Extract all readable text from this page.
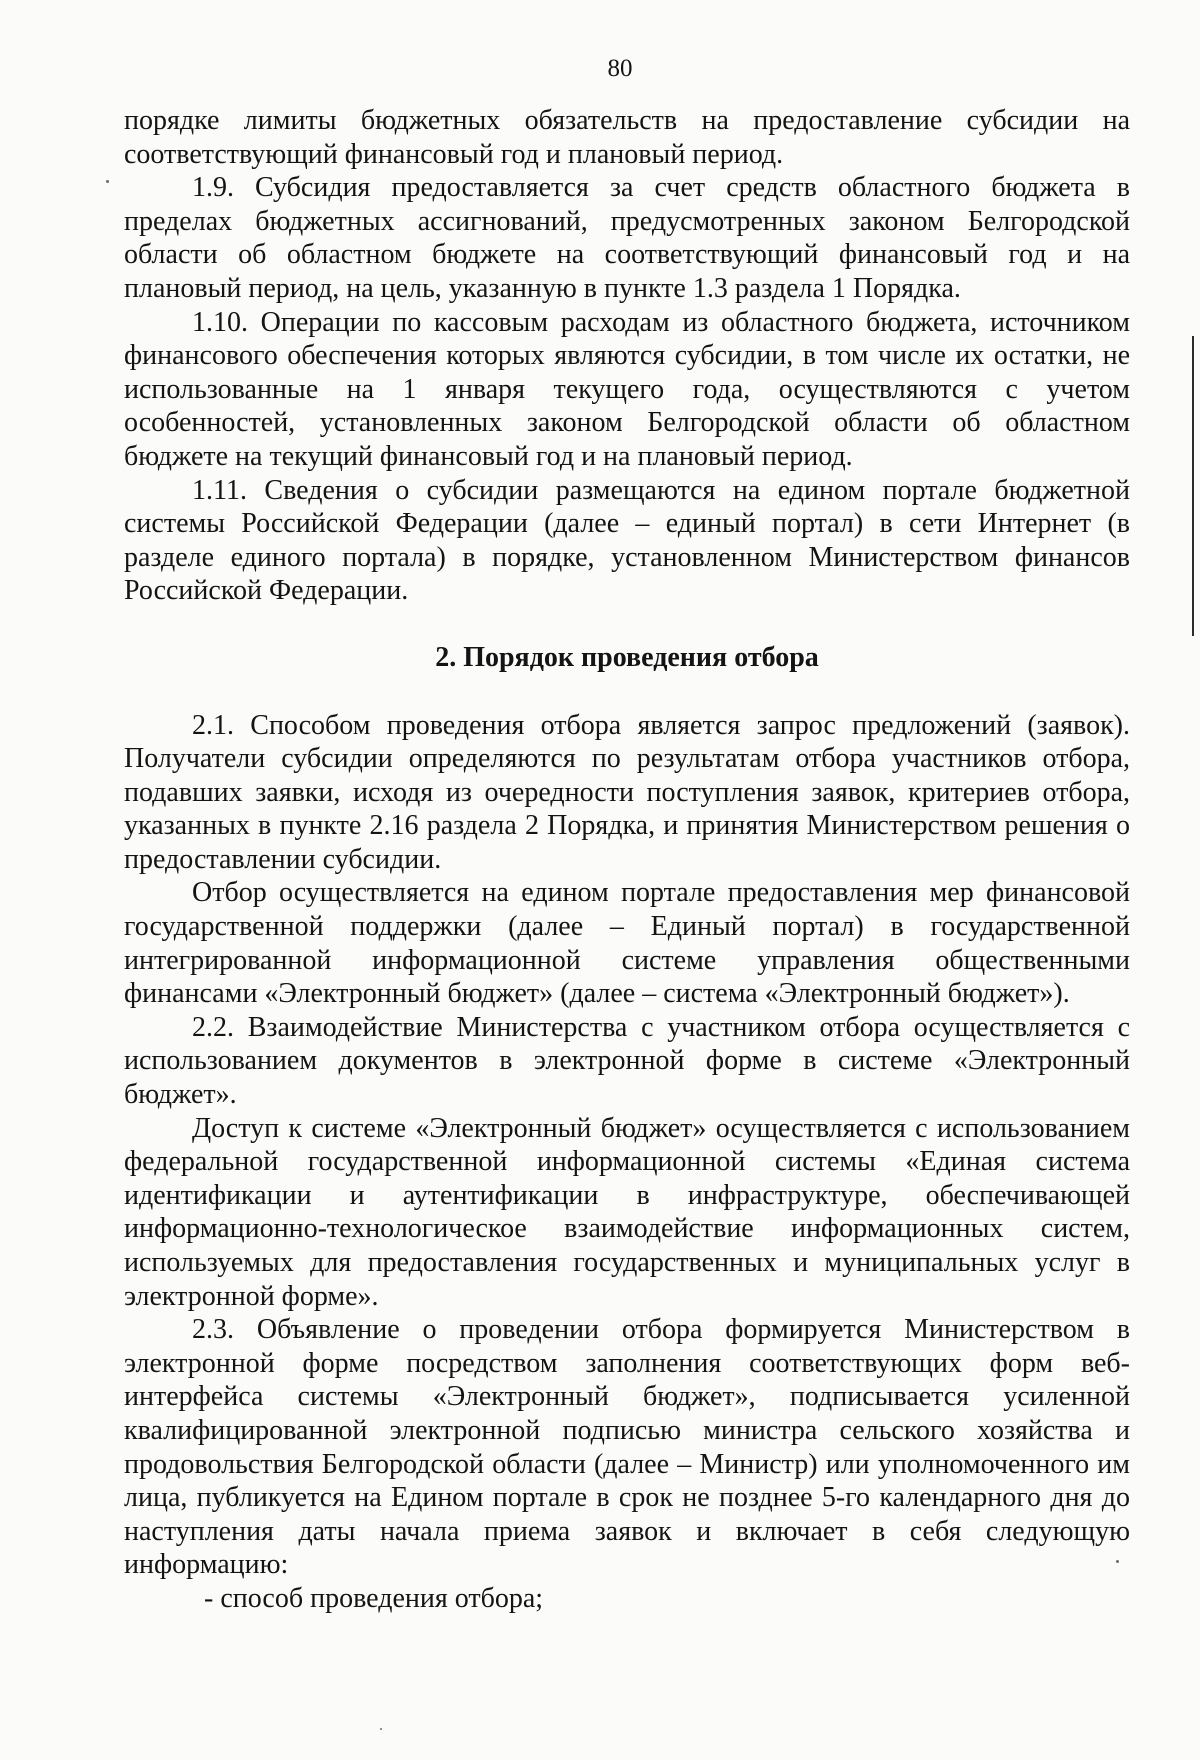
80

порядке лимиты бюджетных обязательств на предоставление субсидии на соответствующий финансовый год и плановый период.

1.9. Субсидия предоставляется за счет средств областного бюджета в пределах бюджетных ассигнований, предусмотренных законом Белгородской области об областном бюджете на соответствующий финансовый год и на плановый период, на цель, указанную в пункте 1.3 раздела 1 Порядка.

1.10. Операции по кассовым расходам из областного бюджета, источником финансового обеспечения которых являются субсидии, в том числе их остатки, не использованные на 1 января текущего года, осуществляются с учетом особенностей, установленных законом Белгородской области об областном бюджете на текущий финансовый год и на плановый период.

1.11. Сведения о субсидии размещаются на едином портале бюджетной системы Российской Федерации (далее – единый портал) в сети Интернет (в разделе единого портала) в порядке, установленном Министерством финансов Российской Федерации.

2. Порядок проведения отбора

2.1. Способом проведения отбора является запрос предложений (заявок). Получатели субсидии определяются по результатам отбора участников отбора, подавших заявки, исходя из очередности поступления заявок, критериев отбора, указанных в пункте 2.16 раздела 2 Порядка, и принятия Министерством решения о предоставлении субсидии.

Отбор осуществляется на едином портале предоставления мер финансовой государственной поддержки (далее – Единый портал) в государственной интегрированной информационной системе управления общественными финансами «Электронный бюджет» (далее – система «Электронный бюджет»).

2.2. Взаимодействие Министерства с участником отбора осуществляется с использованием документов в электронной форме в системе «Электронный бюджет».

Доступ к системе «Электронный бюджет» осуществляется с использованием федеральной государственной информационной системы «Единая система идентификации и аутентификации в инфраструктуре, обеспечивающей информационно-технологическое взаимодействие информационных систем, используемых для предоставления государственных и муниципальных услуг в электронной форме».

2.3. Объявление о проведении отбора формируется Министерством в электронной форме посредством заполнения соответствующих форм веб-интерфейса системы «Электронный бюджет», подписывается усиленной квалифицированной электронной подписью министра сельского хозяйства и продовольствия Белгородской области (далее – Министр) или уполномоченного им лица, публикуется на Едином портале в срок не позднее 5-го календарного дня до наступления даты начала приема заявок и включает в себя следующую информацию:

- способ проведения отбора;
